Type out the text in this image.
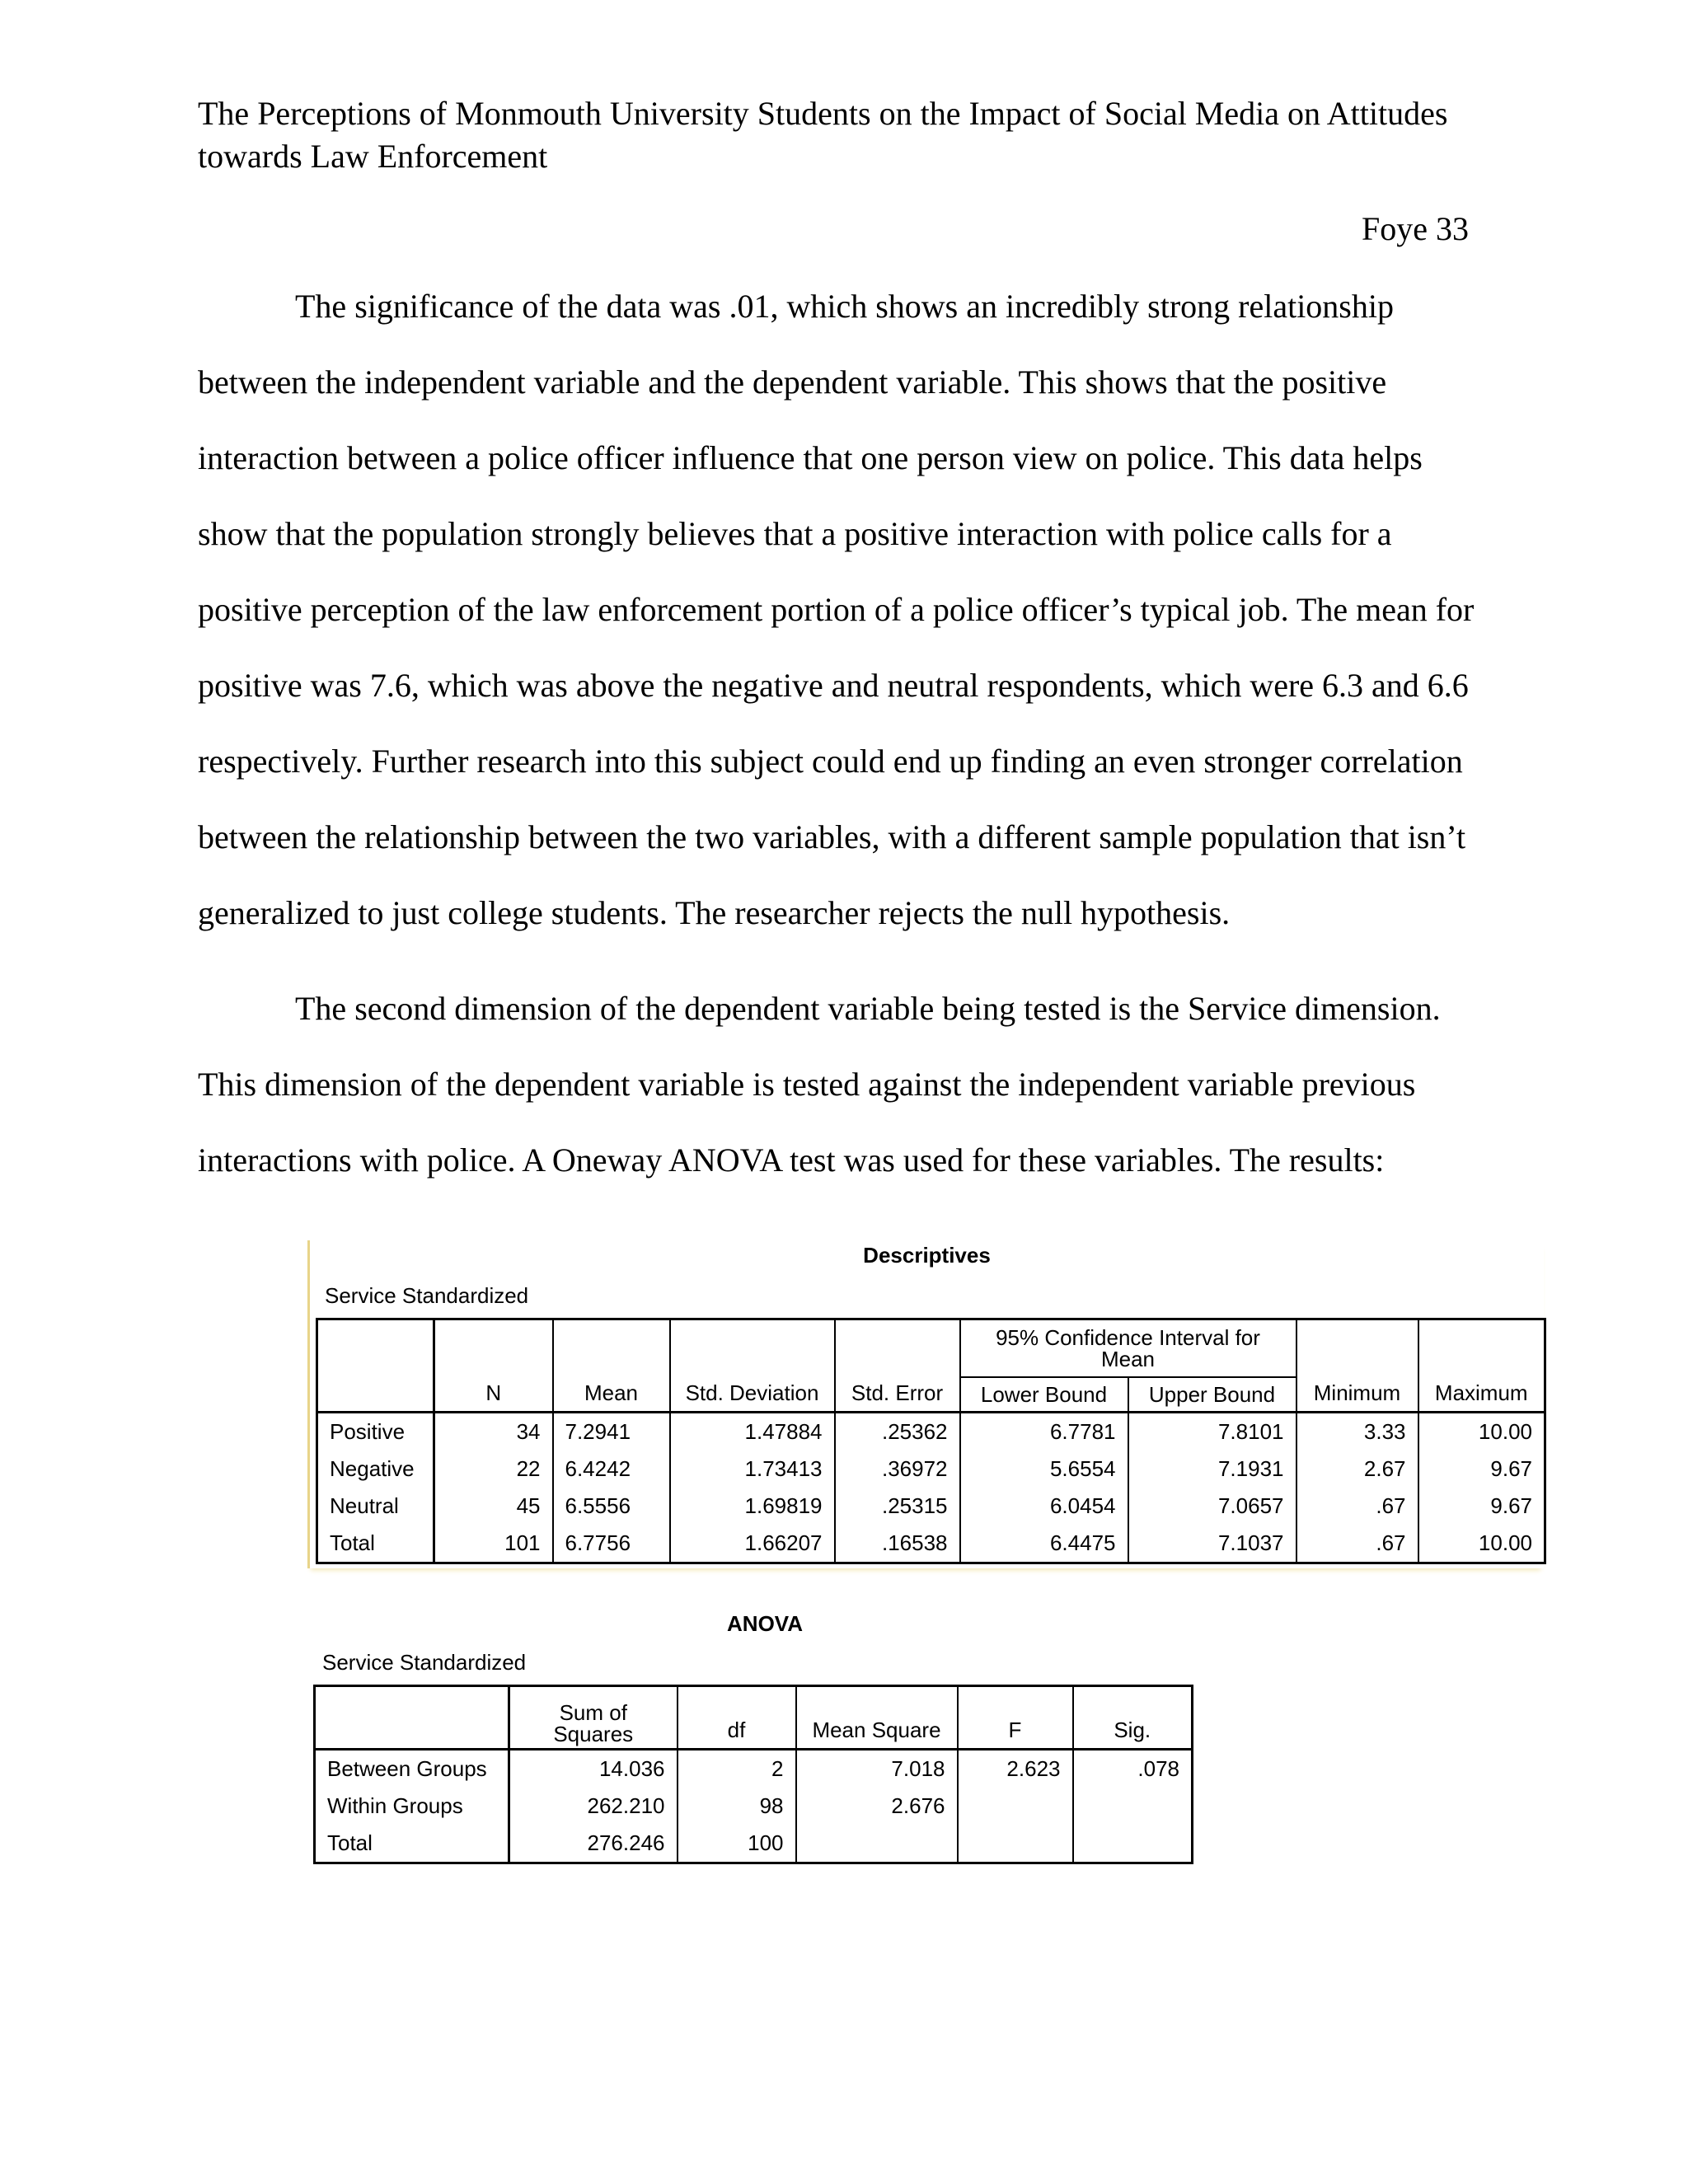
The Perceptions of Monmouth University Students on the Impact of Social Media on Attitudes towards Law Enforcement
Foye 33

The significance of the data was .01, which shows an incredibly strong relationship between the independent variable and the dependent variable. This shows that the positive interaction between a police officer influence that one person view on police. This data helps show that the population strongly believes that a positive interaction with police calls for a positive perception of the law enforcement portion of a police officer’s typical job. The mean for positive was 7.6, which was above the negative and neutral respondents, which were 6.3 and 6.6 respectively. Further research into this subject could end up finding an even stronger correlation between the relationship between the two variables, with a different sample population that isn’t generalized to just college students. The researcher rejects the null hypothesis.

The second dimension of the dependent variable being tested is the Service dimension. This dimension of the dependent variable is tested against the independent variable previous interactions with police. A Oneway ANOVA test was used for these variables. The results:

Descriptives
Service Standardized
	N	Mean	Std. Deviation	Std. Error	95% Confidence Interval for Mean		Minimum	Maximum
					Lower Bound	Upper Bound		
Positive	34	7.2941	1.47884	.25362	6.7781	7.8101	3.33	10.00
Negative	22	6.4242	1.73413	.36972	5.6554	7.1931	2.67	9.67
Neutral	45	6.5556	1.69819	.25315	6.0454	7.0657	.67	9.67
Total	101	6.7756	1.66207	.16538	6.4475	7.1037	.67	10.00
ANOVA
Service Standardized
	Sum of Squares	df	Mean Square	F	Sig.
Between Groups	14.036	2	7.018	2.623	.078
Within Groups	262.210	98	2.676		
Total	276.246	100			
